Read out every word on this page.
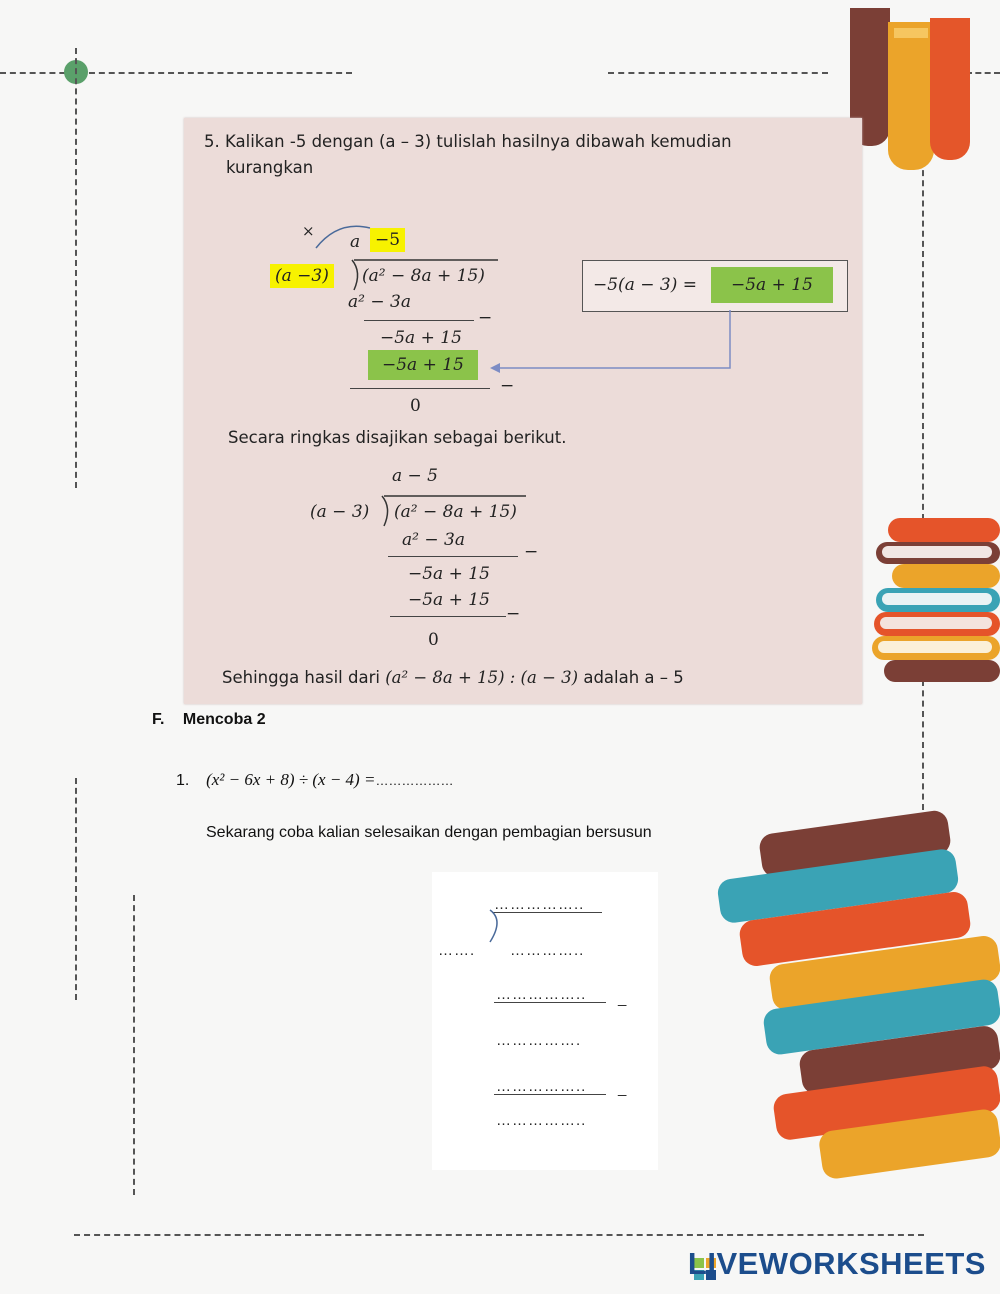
5. Kalikan -5 dengan (a – 3) tulislah hasilnya dibawah kemudian
kurangkan
×
a −5
(a −3) (a² − 8a + 15)
a² − 3a
−
−5a + 15
−5a + 15
−
0
−5(a − 3) =	−5a + 15
Secara ringkas disajikan sebagai berikut.
a − 5
(a − 3) (a² − 8a + 15)
a² − 3a
−
−5a + 15
−5a + 15
−
0
Sehingga hasil dari (a² − 8a + 15) : (a − 3) adalah a – 5
F. Mencoba 2
1. (x² − 6x + 8) ÷ (x − 4) =………………
Sekarang coba kalian selesaikan dengan pembagian bersusun
……………..
……. …………..
…………….. _
…………….
…………….. _
……………..
LIVEWORKSHEETS
